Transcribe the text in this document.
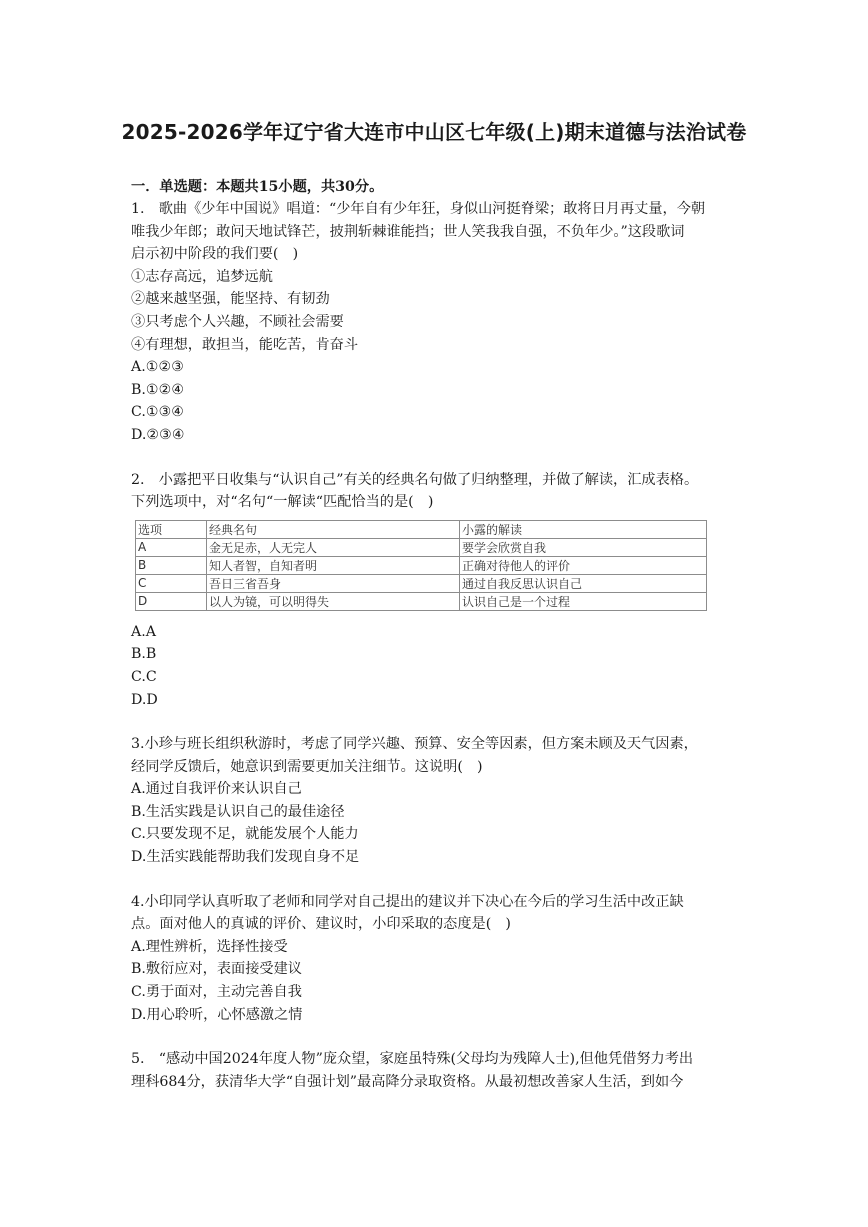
2025-2026学年辽宁省大连市中山区七年级(上)期末道德与法治试卷
一．单选题：本题共15小题，共30分。
1.　歌曲《少年中国说》唱道：“少年自有少年狂，身似山河挺脊梁；敢将日月再丈量，今朝
唯我少年郎；敢问天地试锋芒，披荆斩棘谁能挡；世人笑我我自强，不负年少。”这段歌词
启示初中阶段的我们要(　)
①志存高远，追梦远航
②越来越坚强，能坚持、有韧劲
③只考虑个人兴趣，不顾社会需要
④有理想，敢担当，能吃苦，肯奋斗
A.①②③
B.①②④
C.①③④
D.②③④
2.　小露把平日收集与“认识自己”有关的经典名句做了归纳整理，并做了解读，汇成表格。
下列选项中，对“名句“一解读“匹配恰当的是(　)
选项	经典名句	小露的解读
A	金无足赤，人无完人	要学会欣赏自我
B	知人者智，自知者明	正确对待他人的评价
C	吾日三省吾身	通过自我反思认识自己
D	以人为镜，可以明得失	认识自己是一个过程
A.A
B.B
C.C
D.D
3.小珍与班长组织秋游时，考虑了同学兴趣、预算、安全等因素，但方案未顾及天气因素，
经同学反馈后，她意识到需要更加关注细节。这说明(　)
A.通过自我评价来认识自己
B.生活实践是认识自己的最佳途径
C.只要发现不足，就能发展个人能力
D.生活实践能帮助我们发现自身不足
4.小印同学认真听取了老师和同学对自己提出的建议并下决心在今后的学习生活中改正缺
点。面对他人的真诚的评价、建议时，小印采取的态度是(　)
A.理性辨析，选择性接受
B.敷衍应对，表面接受建议
C.勇于面对，主动完善自我
D.用心聆听，心怀感激之情
5.　“感动中国2024年度人物”庞众望，家庭虽特殊(父母均为残障人士),但他凭借努力考出
理科684分，获清华大学“自强计划”最高降分录取资格。从最初想改善家人生活，到如今
